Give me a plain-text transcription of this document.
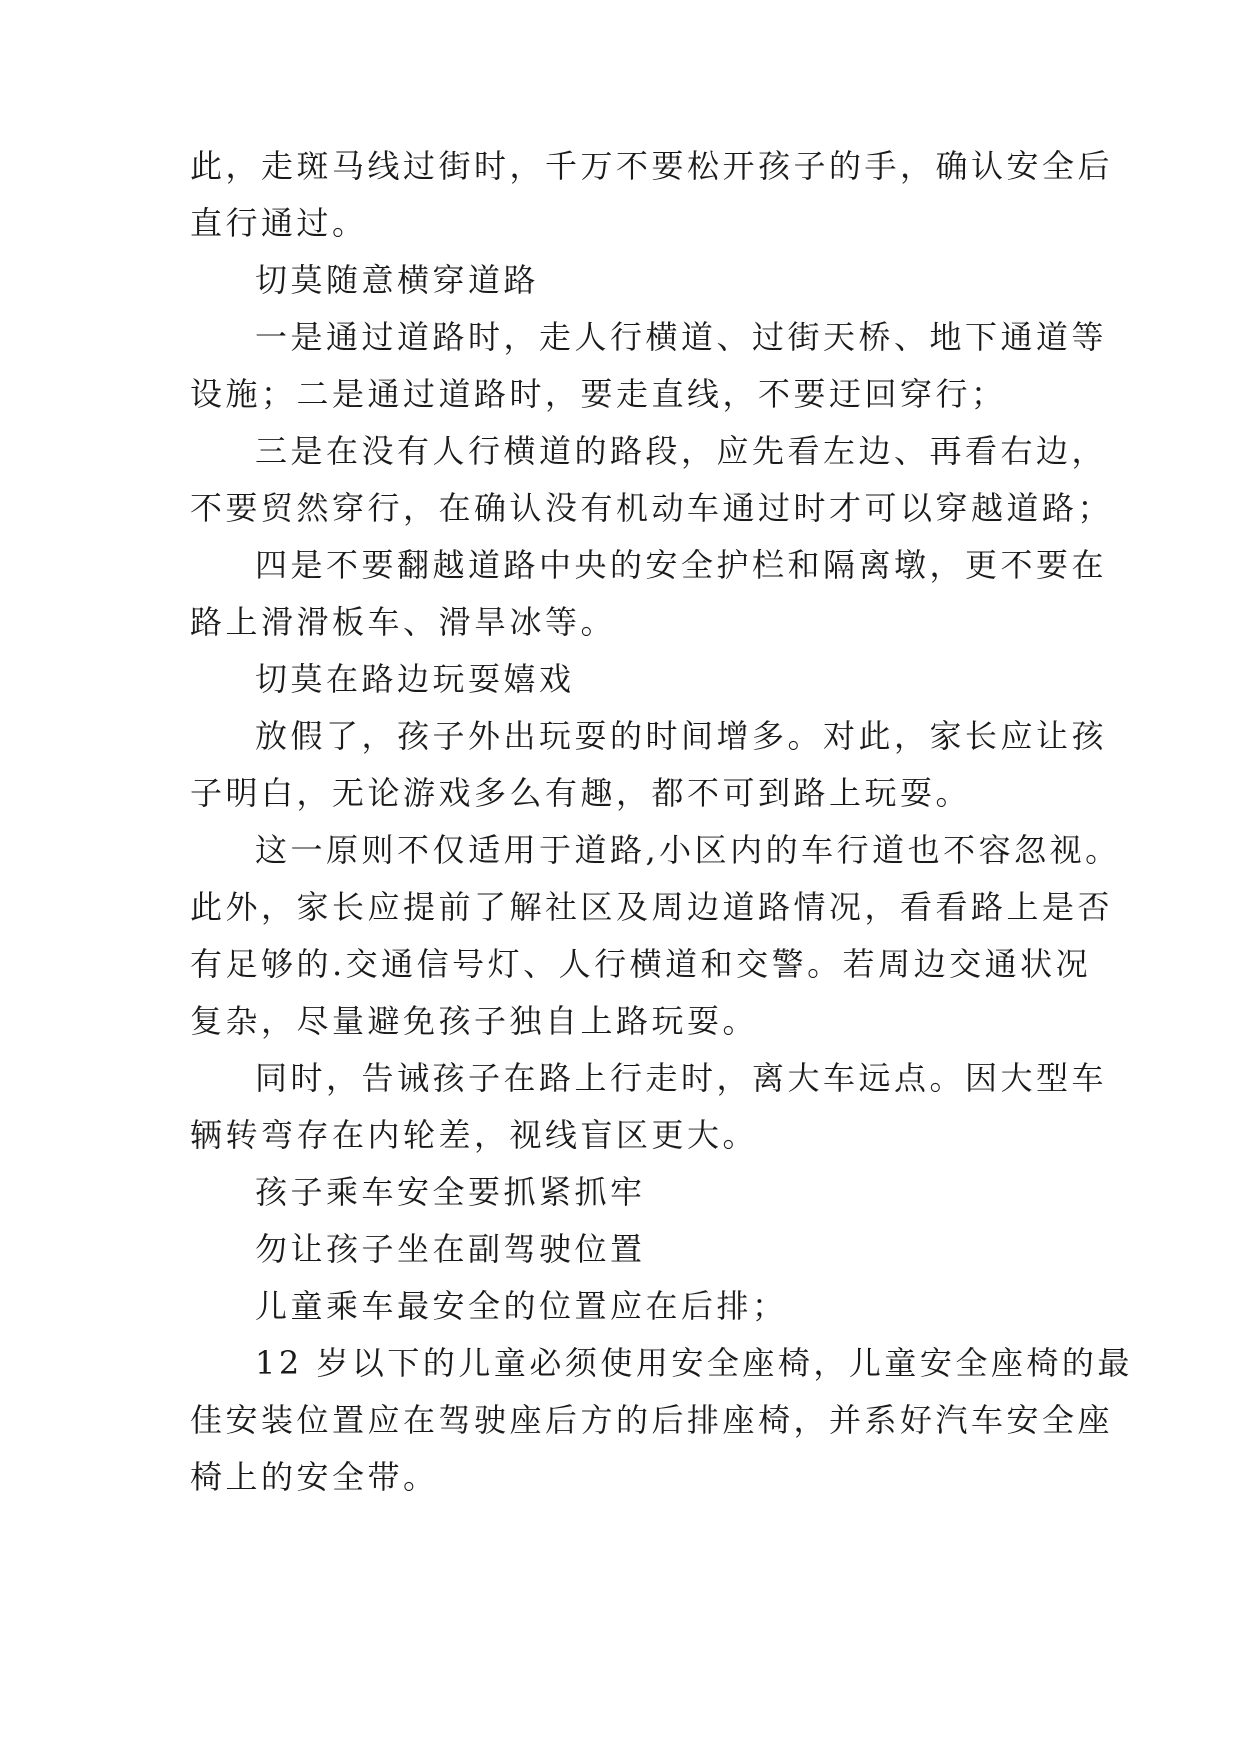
此，走斑马线过街时，千万不要松开孩子的手，确认安全后
直行通过。
切莫随意横穿道路
一是通过道路时，走人行横道、过街天桥、地下通道等
设施；二是通过道路时，要走直线，不要迂回穿行；
三是在没有人行横道的路段，应先看左边、再看右边，
不要贸然穿行，在确认没有机动车通过时才可以穿越道路；
四是不要翻越道路中央的安全护栏和隔离墩，更不要在
路上滑滑板车、滑旱冰等。
切莫在路边玩耍嬉戏
放假了，孩子外出玩耍的时间增多。对此，家长应让孩
子明白，无论游戏多么有趣，都不可到路上玩耍。
这一原则不仅适用于道路,小区内的车行道也不容忽视。
此外，家长应提前了解社区及周边道路情况，看看路上是否
有足够的.交通信号灯、人行横道和交警。若周边交通状况
复杂，尽量避免孩子独自上路玩耍。
同时，告诫孩子在路上行走时，离大车远点。因大型车
辆转弯存在内轮差，视线盲区更大。
孩子乘车安全要抓紧抓牢
勿让孩子坐在副驾驶位置
儿童乘车最安全的位置应在后排；
12 岁以下的儿童必须使用安全座椅，儿童安全座椅的最
佳安装位置应在驾驶座后方的后排座椅，并系好汽车安全座
椅上的安全带。
